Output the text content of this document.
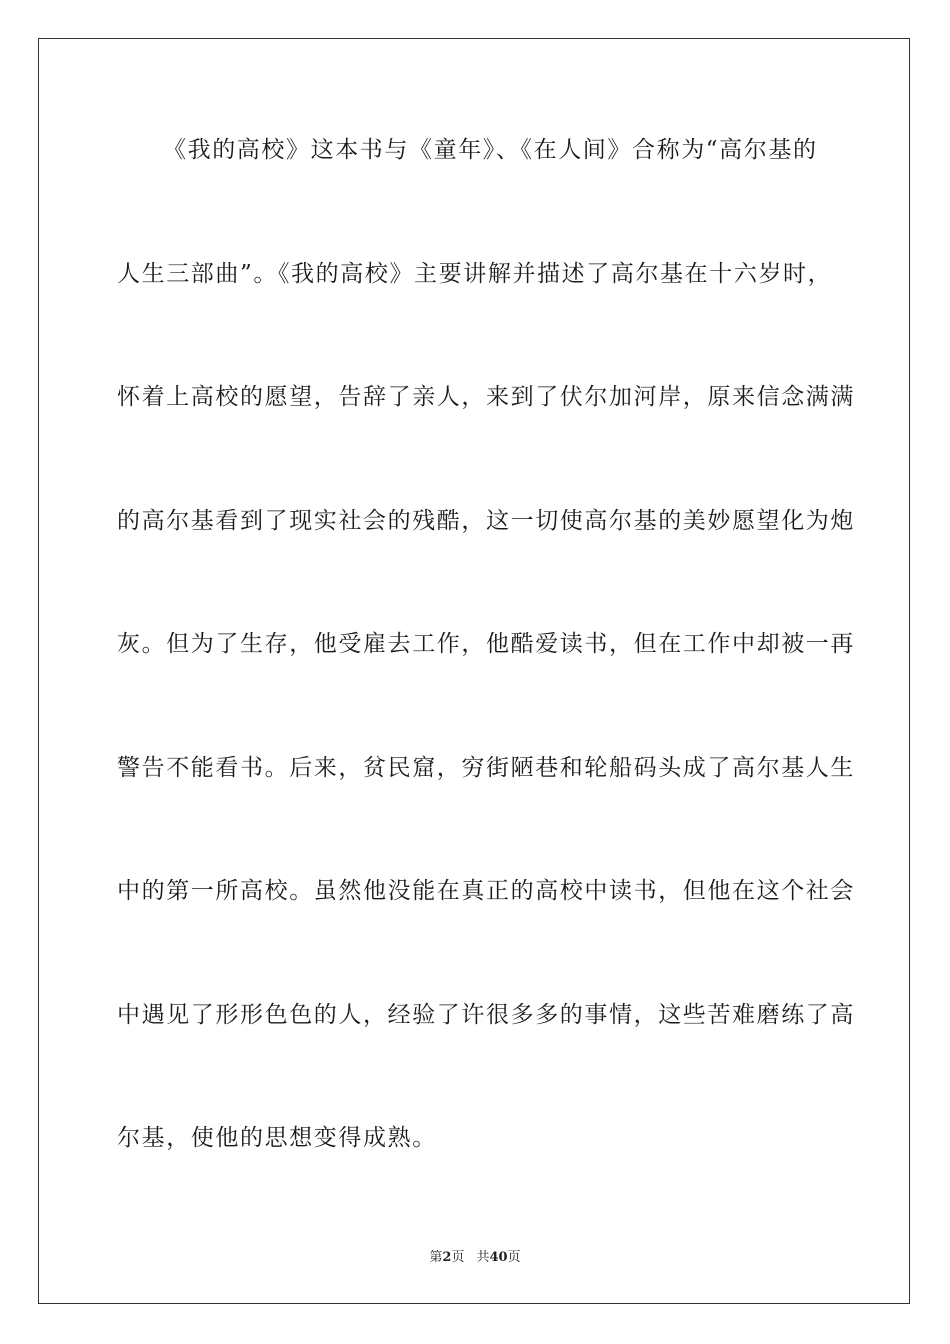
《我的高校》这本书与《童年》、《在人间》合称为“高尔基的
人生三部曲”。《我的高校》主要讲解并描述了高尔基在十六岁时，
怀着上高校的愿望，告辞了亲人，来到了伏尔加河岸，原来信念满满
的高尔基看到了现实社会的残酷，这一切使高尔基的美妙愿望化为炮
灰。但为了生存，他受雇去工作，他酷爱读书，但在工作中却被一再
警告不能看书。后来，贫民窟，穷街陋巷和轮船码头成了高尔基人生
中的第一所高校。虽然他没能在真正的高校中读书，但他在这个社会
中遇见了形形色色的人，经验了许很多多的事情，这些苦难磨练了高
尔基，使他的思想变得成熟。
第2页 共40页
